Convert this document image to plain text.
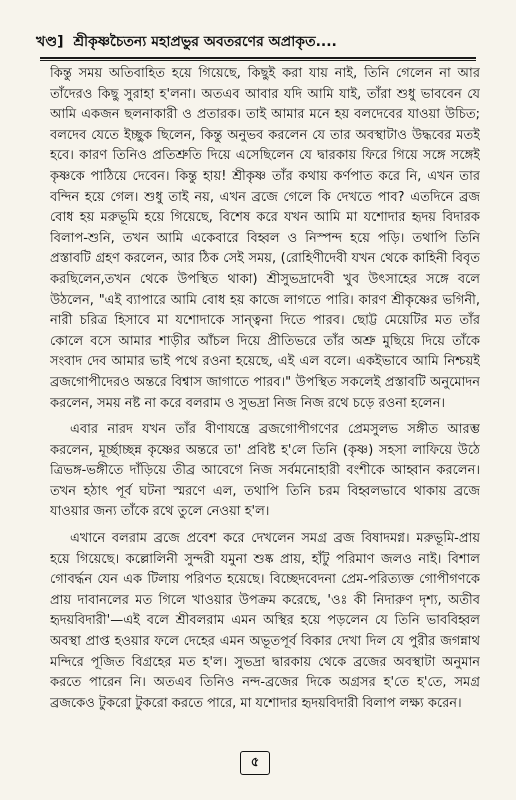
খণ্ড] শ্রীকৃষ্ণচৈতন্য মহাপ্রভুর অবতরণের অপ্রাকৃত....

কিন্তু সময় অতিবাহিত হয়ে গিয়েছে, কিছুই করা যায় নাই, তিনি গেলেন না আর তাঁদেরও কিছু সুরাহা হ'লনা। অতএব আবার যদি আমি যাই, তাঁরা শুধু ভাববেন যে আমি একজন ছলনাকারী ও প্রতারক। তাই আমার মনে হয় বলদেবের যাওয়া উচিত; বলদেব যেতে ইচ্ছুক ছিলেন, কিন্তু অনুভব করলেন যে তার অবস্থাটাও উদ্ধবের মতই হবে। কারণ তিনিও প্রতিশ্রুতি দিয়ে এসেছিলেন যে দ্বারকায় ফিরে গিয়ে সঙ্গে সঙ্গেই কৃষ্ণকে পাঠিয়ে দেবেন। কিন্তু হায়! শ্রীকৃষ্ণ তাঁর কথায় কর্ণপাত করে নি, এখন তার বন্দিন হয়ে গেল। শুধু তাই নয়, এখন ব্রজে গেলে কি দেখতে পাব? এতদিনে ব্রজ বোধ হয় মরুভূমি হয়ে গিয়েছে, বিশেষ করে যখন আমি মা যশোদার হৃদয় বিদারক বিলাপ-শুনি, তখন আমি একেবারে বিহ্বল ও নিস্পন্দ হয়ে পড়ি। তথাপি তিনি প্রস্তাবটি গ্রহণ করলেন, আর ঠিক সেই সময়, (রোহিণীদেবী যখন থেকে কাহিনী বিবৃত করছিলেন,তখন থেকে উপস্থিত থাকা) শ্রীসুভদ্রাদেবী খুব উৎসাহের সঙ্গে বলে উঠলেন, "এই ব্যাপারে আমি বোধ হয় কাজে লাগতে পারি। কারণ শ্রীকৃষ্ণের ভগিনী, নারী চরিত্র হিসাবে মা যশোদাকে সান্ত্বনা দিতে পারব। ছোট্ট মেয়েটির মত তাঁর কোলে বসে আমার শাড়ীর আঁচল দিয়ে প্রীতিভরে তাঁর অশ্রু মুছিয়ে দিয়ে তাঁকে সংবাদ দেব আমার ভাই পথে রওনা হয়েছে, এই এল বলে। একইভাবে আমি নিশ্চয়ই ব্রজগোপীদেরও অন্তরে বিশ্বাস জাগাতে পারব।" উপস্থিত সকলেই প্রস্তাবটি অনুমোদন করলেন, সময় নষ্ট না করে বলরাম ও সুভদ্রা নিজ নিজ রথে চড়ে রওনা হলেন।

এবার নারদ যখন তাঁর বীণাযন্ত্রে ব্রজগোপীগণের প্রেমসুলভ সঙ্গীত আরম্ভ করলেন, মূর্চ্ছাচ্ছন্ন কৃষ্ণের অন্তরে তা' প্রবিষ্ট হ'লে তিনি (কৃষ্ণ) সহসা লাফিয়ে উঠে ত্রিভঙ্গ-ভঙ্গীতে দাঁড়িয়ে তীব্র আবেগে নিজ সর্বমনোহারী বংশীকে আহ্বান করলেন। তখন হঠাৎ পূর্ব ঘটনা স্মরণে এল, তথাপি তিনি চরম বিহ্বলভাবে থাকায় ব্রজে যাওয়ার জন্য তাঁকে রথে তুলে নেওয়া হ'ল।

এখানে বলরাম ব্রজে প্রবেশ করে দেখলেন সমগ্র ব্রজ বিষাদমগ্ন। মরুভূমি-প্রায় হয়ে গিয়েছে। কল্লোলিনী সুন্দরী যমুনা শুষ্ক প্রায়, হাঁটু পরিমাণ জলও নাই। বিশাল গোবর্দ্ধন যেন এক টিলায় পরিণত হয়েছে। বিচ্ছেদবেদনা প্রেম-পরিত্যক্ত গোপীগণকে প্রায় দাবানলের মত গিলে খাওয়ার উপক্রম করেছে, 'ওঃ কী নিদারুণ দৃশ্য, অতীব হৃদয়বিদারী'—এই বলে শ্রীবলরাম এমন অস্থির হয়ে পড়লেন যে তিনি ভাববিহ্বল অবস্থা প্রাপ্ত হওয়ার ফলে দেহের এমন অভূতপূর্ব বিকার দেখা দিল যে পুরীর জগন্নাথ মন্দিরে পূজিত বিগ্রহের মত হ'ল। সুভদ্রা দ্বারকায় থেকে ব্রজের অবস্থাটা অনুমান করতে পারেন নি। অতএব তিনিও নন্দ-ব্রজের দিকে অগ্রসর হ'তে হ'তে, সমগ্র ব্রজকেও টুকরো টুকরো করতে পারে, মা যশোদার হৃদয়বিদারী বিলাপ লক্ষ্য করেন।

৫
